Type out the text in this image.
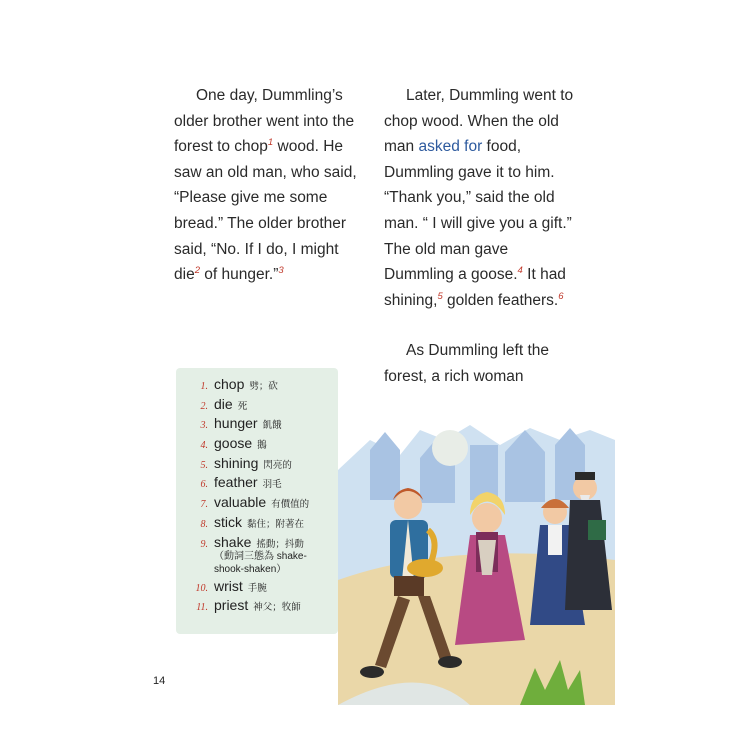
One day, Dummling’s older brother went into the forest to chop$^1$ wood. He saw an old man, who said, “Please give me some bread.” The older brother said, “No. If I do, I might die$^2$ of hunger.”$^3$

Later, Dummling went to chop wood. When the old man asked for food, Dummling gave it to him. “Thank you,” said the old man. “ I will give you a gift.” The old man gave Dummling a goose.$^4$ It had shining,$^5$ golden feathers.$^6$

As Dummling left the forest, a rich woman

1. chop 劈；砍
2. die 死
3. hunger 飢餓
4. goose 鵝
5. shining 閃亮的
6. feather 羽毛
7. valuable 有價值的
8. stick 黏住；附著在
9. shake 搖動；抖動
（動詞三態為 shake-
shook-shaken）
10. wrist 手腕
11. priest 神父；牧師
14
